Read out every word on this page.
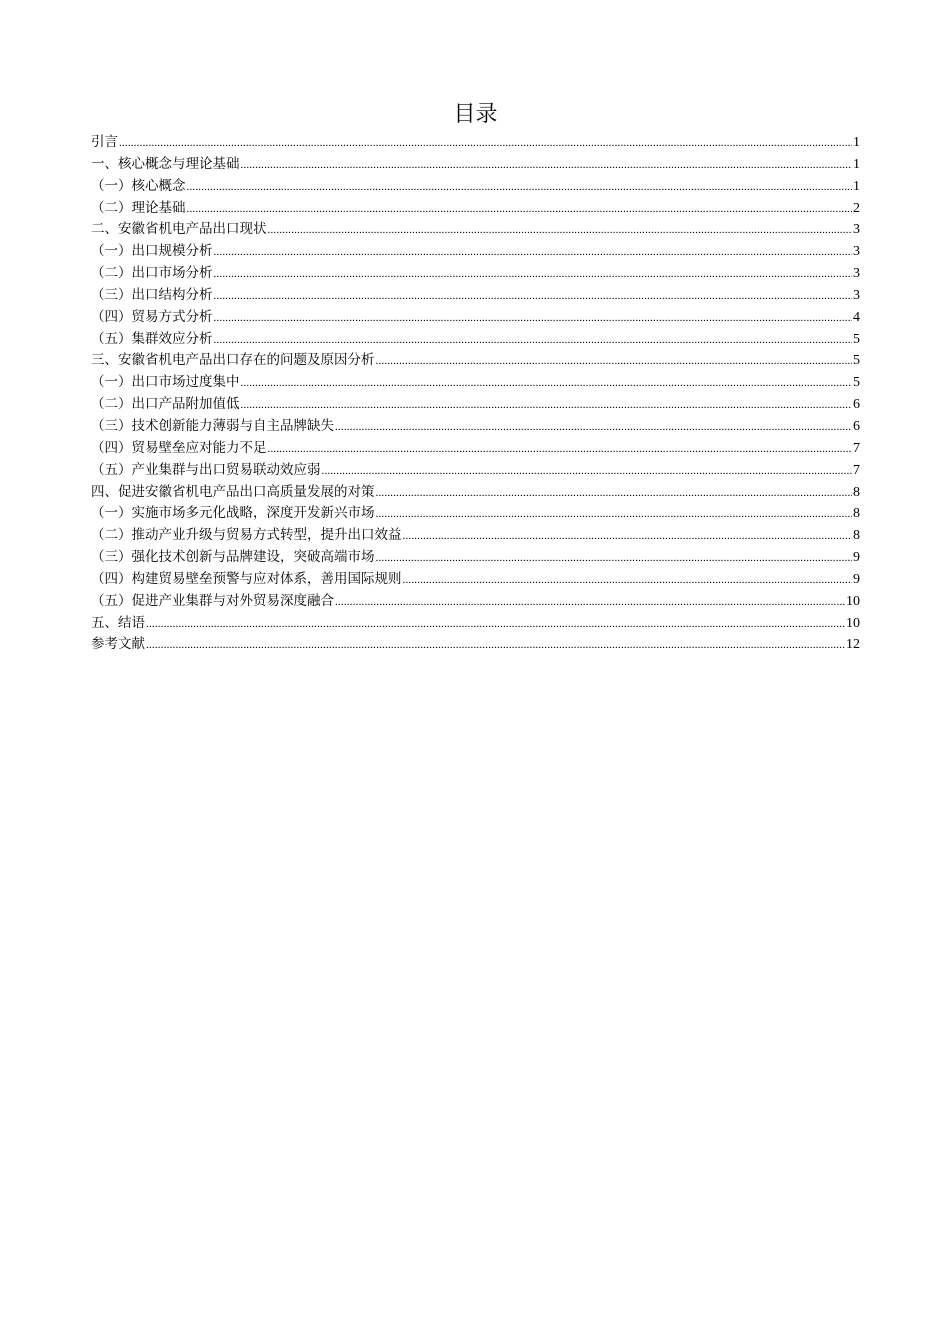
目录
引言 .....	1
一、核心概念与理论基础 .....	1
（一）核心概念 .....	1
（二）理论基础 .....	2
二、安徽省机电产品出口现状 .....	3
（一）出口规模分析 .....	3
（二）出口市场分析 .....	3
（三）出口结构分析 .....	3
（四）贸易方式分析 .....	4
（五）集群效应分析 .....	5
三、安徽省机电产品出口存在的问题及原因分析 .....	5
（一）出口市场过度集中 .....	5
（二）出口产品附加值低 .....	6
（三）技术创新能力薄弱与自主品牌缺失 .....	6
（四）贸易壁垒应对能力不足 .....	7
（五）产业集群与出口贸易联动效应弱 .....	7
四、促进安徽省机电产品出口高质量发展的对策 .....	8
（一）实施市场多元化战略，深度开发新兴市场 .....	8
（二）推动产业升级与贸易方式转型，提升出口效益 .....	8
（三）强化技术创新与品牌建设，突破高端市场 .....	9
（四）构建贸易壁垒预警与应对体系，善用国际规则 .....	9
（五）促进产业集群与对外贸易深度融合 .....	10
五、结语 .....	10
参考文献 .....	12
